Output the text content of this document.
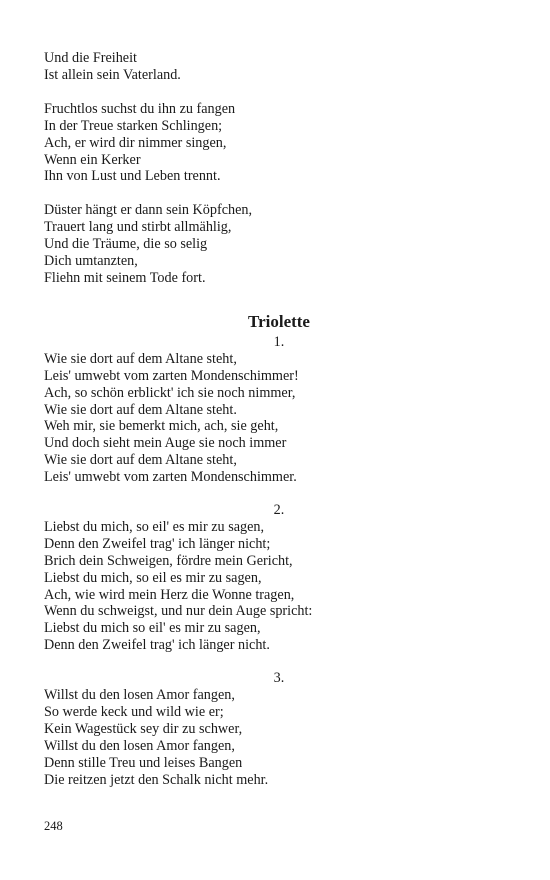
Und die Freiheit
Ist allein sein Vaterland.
Fruchtlos suchst du ihn zu fangen
In der Treue starken Schlingen;
Ach, er wird dir nimmer singen,
Wenn ein Kerker
Ihn von Lust und Leben trennt.
Düster hängt er dann sein Köpfchen,
Trauert lang und stirbt allmählig,
Und die Träume, die so selig
Dich umtanzten,
Fliehn mit seinem Tode fort.
Triolette
1.
Wie sie dort auf dem Altane steht,
Leis' umwebt vom zarten Mondenschimmer!
Ach, so schön erblickt' ich sie noch nimmer,
Wie sie dort auf dem Altane steht.
Weh mir, sie bemerkt mich, ach, sie geht,
Und doch sieht mein Auge sie noch immer
Wie sie dort auf dem Altane steht,
Leis' umwebt vom zarten Mondenschimmer.
2.
Liebst du mich, so eil' es mir zu sagen,
Denn den Zweifel trag' ich länger nicht;
Brich dein Schweigen, fördre mein Gericht,
Liebst du mich, so eil es mir zu sagen,
Ach, wie wird mein Herz die Wonne tragen,
Wenn du schweigst, und nur dein Auge spricht:
Liebst du mich so eil' es mir zu sagen,
Denn den Zweifel trag' ich länger nicht.
3.
Willst du den losen Amor fangen,
So werde keck und wild wie er;
Kein Wagestück sey dir zu schwer,
Willst du den losen Amor fangen,
Denn stille Treu und leises Bangen
Die reitzen jetzt den Schalk nicht mehr.
248
